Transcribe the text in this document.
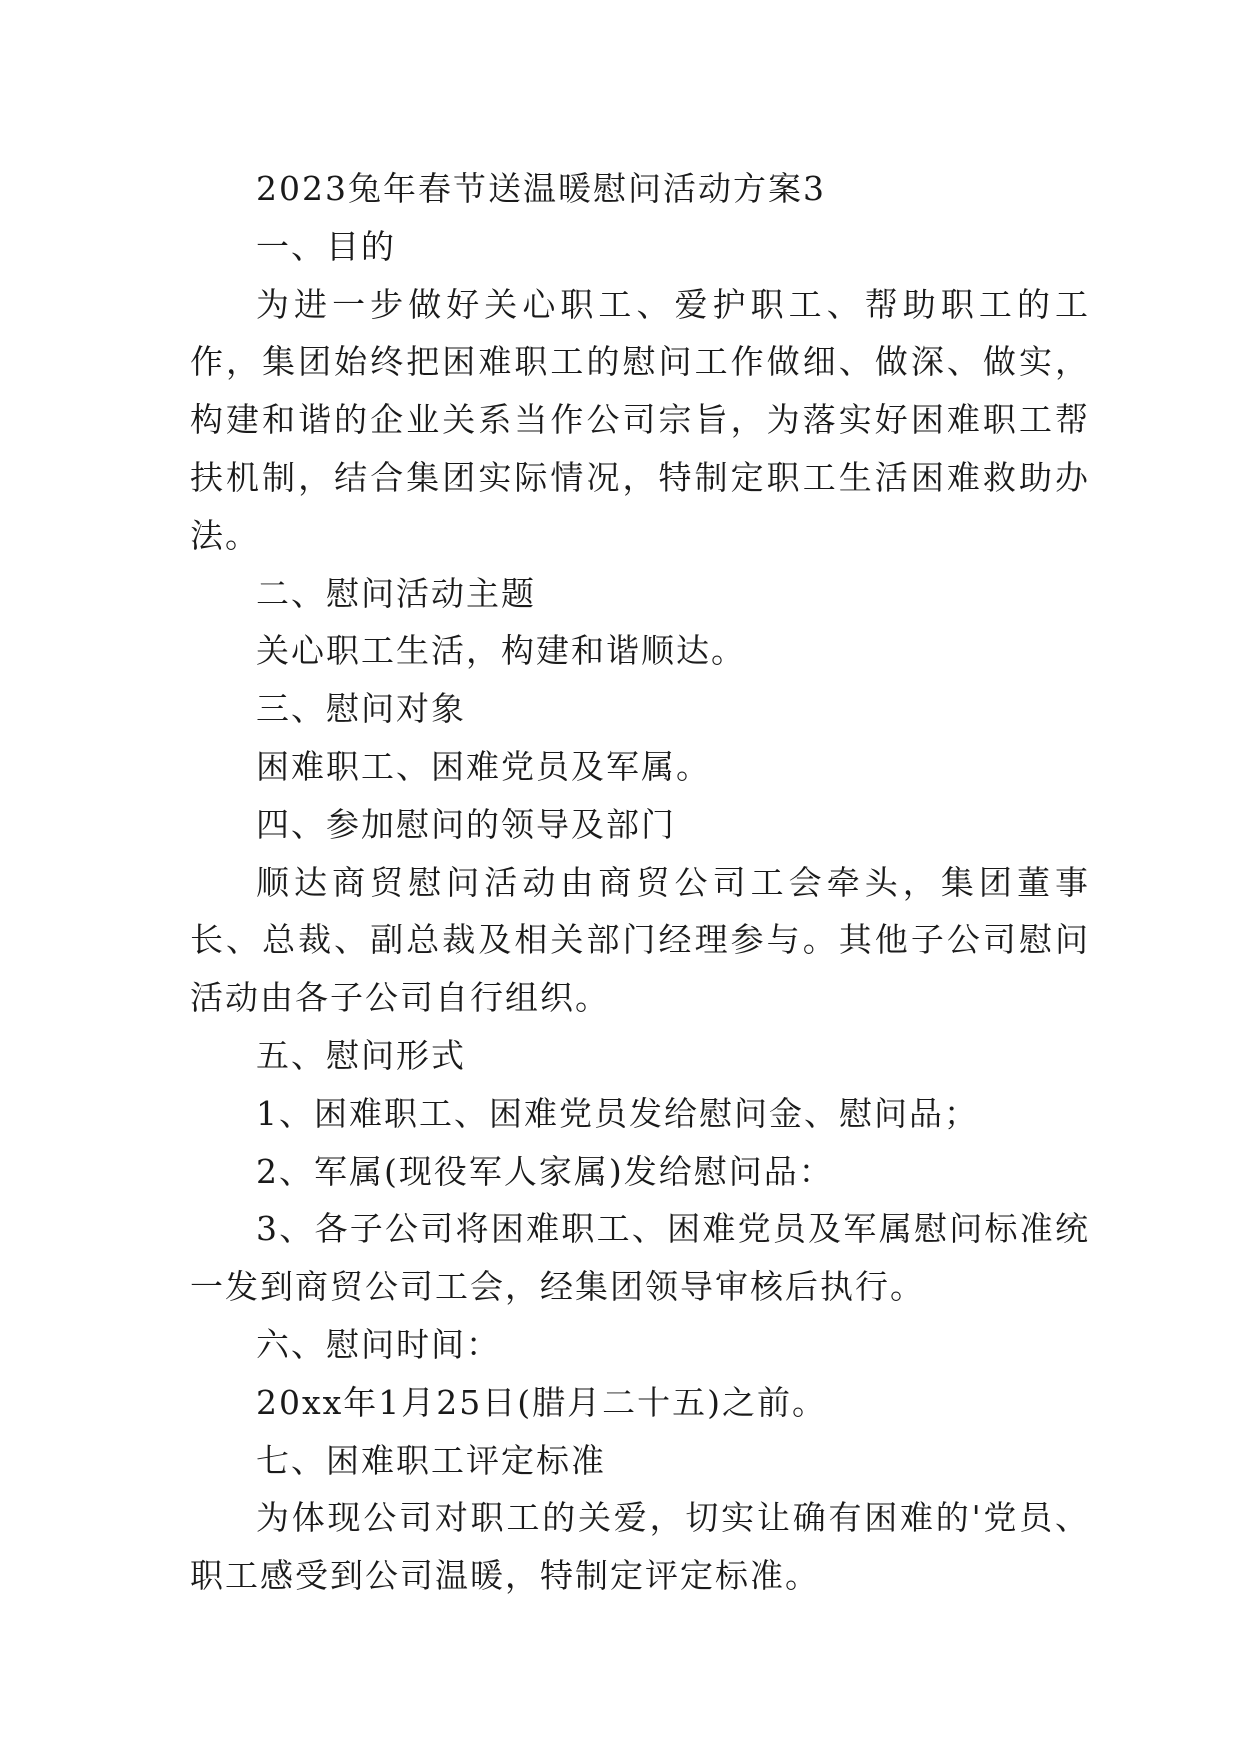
2023兔年春节送温暖慰问活动方案3

一、目的

为进一步做好关心职工、爱护职工、帮助职工的工作，集团始终把困难职工的慰问工作做细、做深、做实，构建和谐的企业关系当作公司宗旨，为落实好困难职工帮扶机制，结合集团实际情况，特制定职工生活困难救助办法。

二、慰问活动主题

关心职工生活，构建和谐顺达。

三、慰问对象

困难职工、困难党员及军属。

四、参加慰问的领导及部门

顺达商贸慰问活动由商贸公司工会牵头，集团董事长、总裁、副总裁及相关部门经理参与。其他子公司慰问活动由各子公司自行组织。

五、慰问形式

1、困难职工、困难党员发给慰问金、慰问品；

2、军属(现役军人家属)发给慰问品：

3、各子公司将困难职工、困难党员及军属慰问标准统一发到商贸公司工会，经集团领导审核后执行。

六、慰问时间：

20xx年1月25日(腊月二十五)之前。

七、困难职工评定标准

为体现公司对职工的关爱，切实让确有困难的'党员、职工感受到公司温暖，特制定评定标准。
